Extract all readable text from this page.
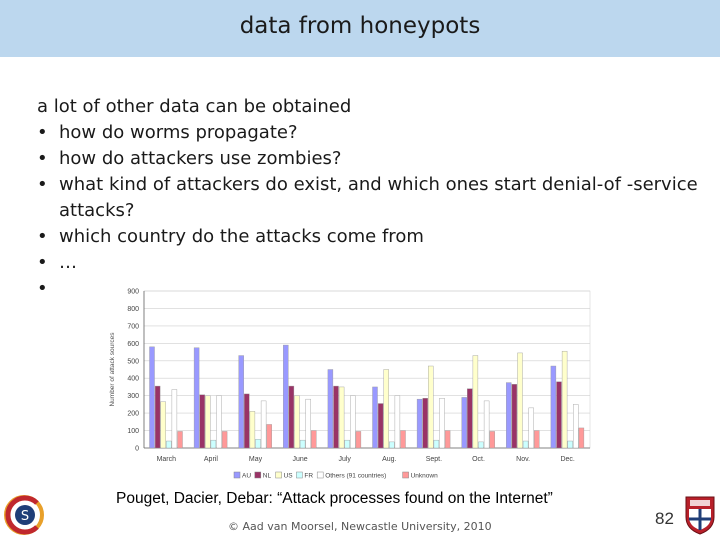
data from honeypots
a lot of other data can be obtained
• how do worms propagate?
• how do attackers use zombies?
• what kind of attackers do exist, and which ones start denial-of -service attacks?
• which country do the attacks come from
• …
•
0
100
200
300
400
500
600
700
800
900
Number of attack sources
March	April	May	June	July	Aug.	Sept.	Oct.	Nov.	Dec.
AU NL US FR Others (91 countries)	Unknown
Pouget, Dacier, Debar: “Attack processes found on the Internet”
S
© Aad van Moorsel, Newcastle University, 2010	82
